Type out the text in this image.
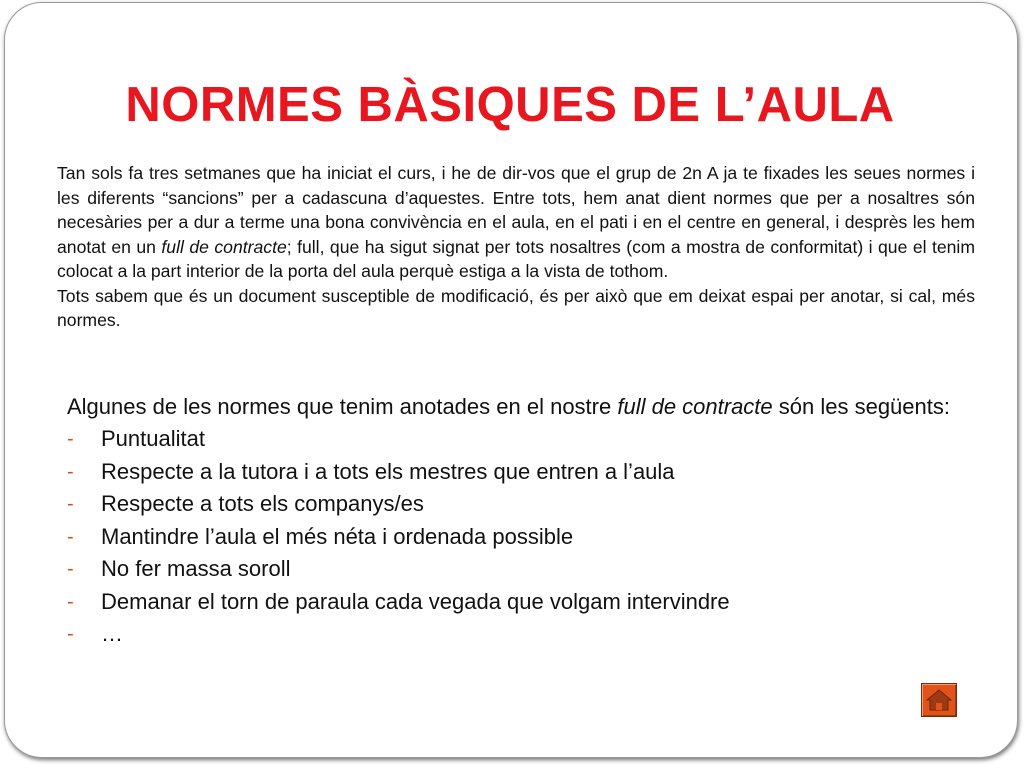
NORMES BÀSIQUES DE L’AULA

Tan sols fa tres setmanes que ha iniciat el curs, i he de dir-vos que el grup de 2n A ja te fixades les seues normes i les diferents “sancions” per a cadascuna d’aquestes. Entre tots, hem anat dient normes que per a nosaltres són necesàries per a dur a terme una bona convivència en el aula, en el pati i en el centre en general, i desprès les hem anotat en un full de contracte; full, que ha sigut signat per tots nosaltres (com a mostra de conformitat) i que el tenim colocat a la part interior de la porta del aula perquè estiga a la vista de tothom.

Tots sabem que és un document susceptible de modificació, és per això que em deixat espai per anotar, si cal, més normes.

Algunes de les normes que tenim anotades en el nostre full de contracte són les següents:

- Puntualitat
- Respecte a la tutora i a tots els mestres que entren a l’aula
- Respecte a tots els companys/es
- Mantindre l’aula el més néta i ordenada possible
- No fer massa soroll
- Demanar el torn de paraula cada vegada que volgam intervindre
- …
